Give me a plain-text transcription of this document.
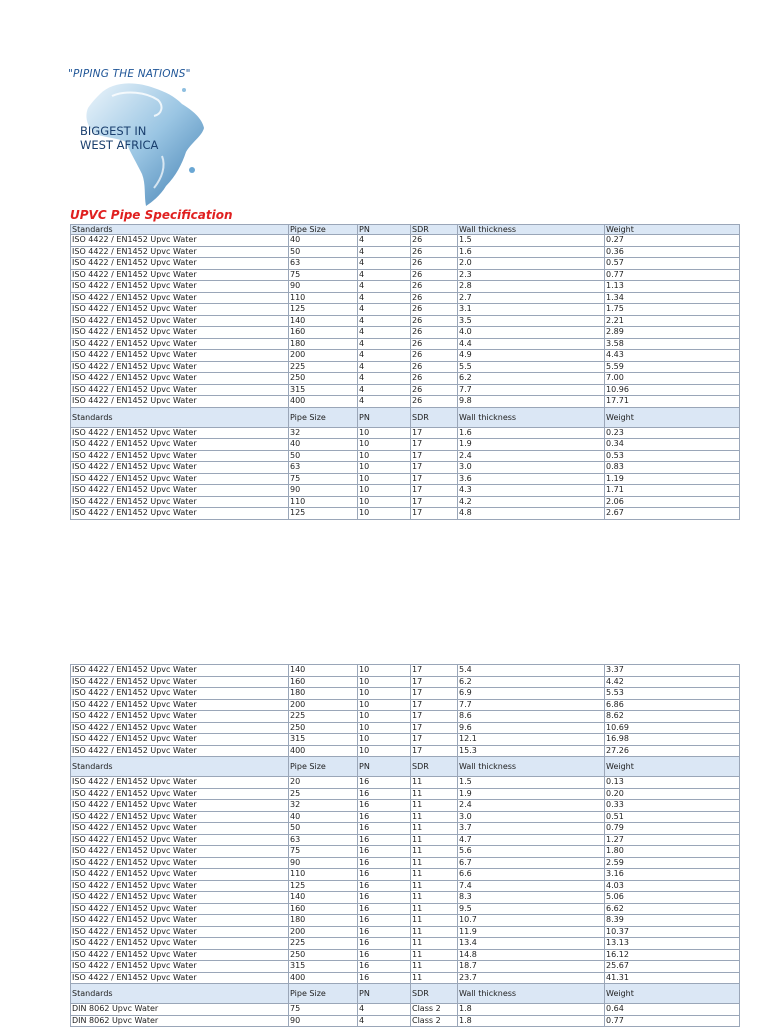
"PIPING THE NATIONS"
BIGGEST IN
WEST AFRICA
UPVC Pipe Specification
Standards	Pipe Size	PN	SDR	Wall thickness	Weight
ISO 4422 / EN1452 Upvc Water	40	4	26	1.5	0.27
ISO 4422 / EN1452 Upvc Water	50	4	26	1.6	0.36
ISO 4422 / EN1452 Upvc Water	63	4	26	2.0	0.57
ISO 4422 / EN1452 Upvc Water	75	4	26	2.3	0.77
ISO 4422 / EN1452 Upvc Water	90	4	26	2.8	1.13
ISO 4422 / EN1452 Upvc Water	110	4	26	2.7	1.34
ISO 4422 / EN1452 Upvc Water	125	4	26	3.1	1.75
ISO 4422 / EN1452 Upvc Water	140	4	26	3.5	2.21
ISO 4422 / EN1452 Upvc Water	160	4	26	4.0	2.89
ISO 4422 / EN1452 Upvc Water	180	4	26	4.4	3.58
ISO 4422 / EN1452 Upvc Water	200	4	26	4.9	4.43
ISO 4422 / EN1452 Upvc Water	225	4	26	5.5	5.59
ISO 4422 / EN1452 Upvc Water	250	4	26	6.2	7.00
ISO 4422 / EN1452 Upvc Water	315	4	26	7.7	10.96
ISO 4422 / EN1452 Upvc Water	400	4	26	9.8	17.71
Standards	Pipe Size	PN	SDR	Wall thickness	Weight
ISO 4422 / EN1452 Upvc Water	32	10	17	1.6	0.23
ISO 4422 / EN1452 Upvc Water	40	10	17	1.9	0.34
ISO 4422 / EN1452 Upvc Water	50	10	17	2.4	0.53
ISO 4422 / EN1452 Upvc Water	63	10	17	3.0	0.83
ISO 4422 / EN1452 Upvc Water	75	10	17	3.6	1.19
ISO 4422 / EN1452 Upvc Water	90	10	17	4.3	1.71
ISO 4422 / EN1452 Upvc Water	110	10	17	4.2	2.06
ISO 4422 / EN1452 Upvc Water	125	10	17	4.8	2.67
ISO 4422 / EN1452 Upvc Water	140	10	17	5.4	3.37
ISO 4422 / EN1452 Upvc Water	160	10	17	6.2	4.42
ISO 4422 / EN1452 Upvc Water	180	10	17	6.9	5.53
ISO 4422 / EN1452 Upvc Water	200	10	17	7.7	6.86
ISO 4422 / EN1452 Upvc Water	225	10	17	8.6	8.62
ISO 4422 / EN1452 Upvc Water	250	10	17	9.6	10.69
ISO 4422 / EN1452 Upvc Water	315	10	17	12.1	16.98
ISO 4422 / EN1452 Upvc Water	400	10	17	15.3	27.26
Standards	Pipe Size	PN	SDR	Wall thickness	Weight
ISO 4422 / EN1452 Upvc Water	20	16	11	1.5	0.13
ISO 4422 / EN1452 Upvc Water	25	16	11	1.9	0.20
ISO 4422 / EN1452 Upvc Water	32	16	11	2.4	0.33
ISO 4422 / EN1452 Upvc Water	40	16	11	3.0	0.51
ISO 4422 / EN1452 Upvc Water	50	16	11	3.7	0.79
ISO 4422 / EN1452 Upvc Water	63	16	11	4.7	1.27
ISO 4422 / EN1452 Upvc Water	75	16	11	5.6	1.80
ISO 4422 / EN1452 Upvc Water	90	16	11	6.7	2.59
ISO 4422 / EN1452 Upvc Water	110	16	11	6.6	3.16
ISO 4422 / EN1452 Upvc Water	125	16	11	7.4	4.03
ISO 4422 / EN1452 Upvc Water	140	16	11	8.3	5.06
ISO 4422 / EN1452 Upvc Water	160	16	11	9.5	6.62
ISO 4422 / EN1452 Upvc Water	180	16	11	10.7	8.39
ISO 4422 / EN1452 Upvc Water	200	16	11	11.9	10.37
ISO 4422 / EN1452 Upvc Water	225	16	11	13.4	13.13
ISO 4422 / EN1452 Upvc Water	250	16	11	14.8	16.12
ISO 4422 / EN1452 Upvc Water	315	16	11	18.7	25.67
ISO 4422 / EN1452 Upvc Water	400	16	11	23.7	41.31
Standards	Pipe Size	PN	SDR	Wall thickness	Weight
DIN 8062 Upvc Water	75	4	Class 2	1.8	0.64
DIN 8062 Upvc Water	90	4	Class 2	1.8	0.77
